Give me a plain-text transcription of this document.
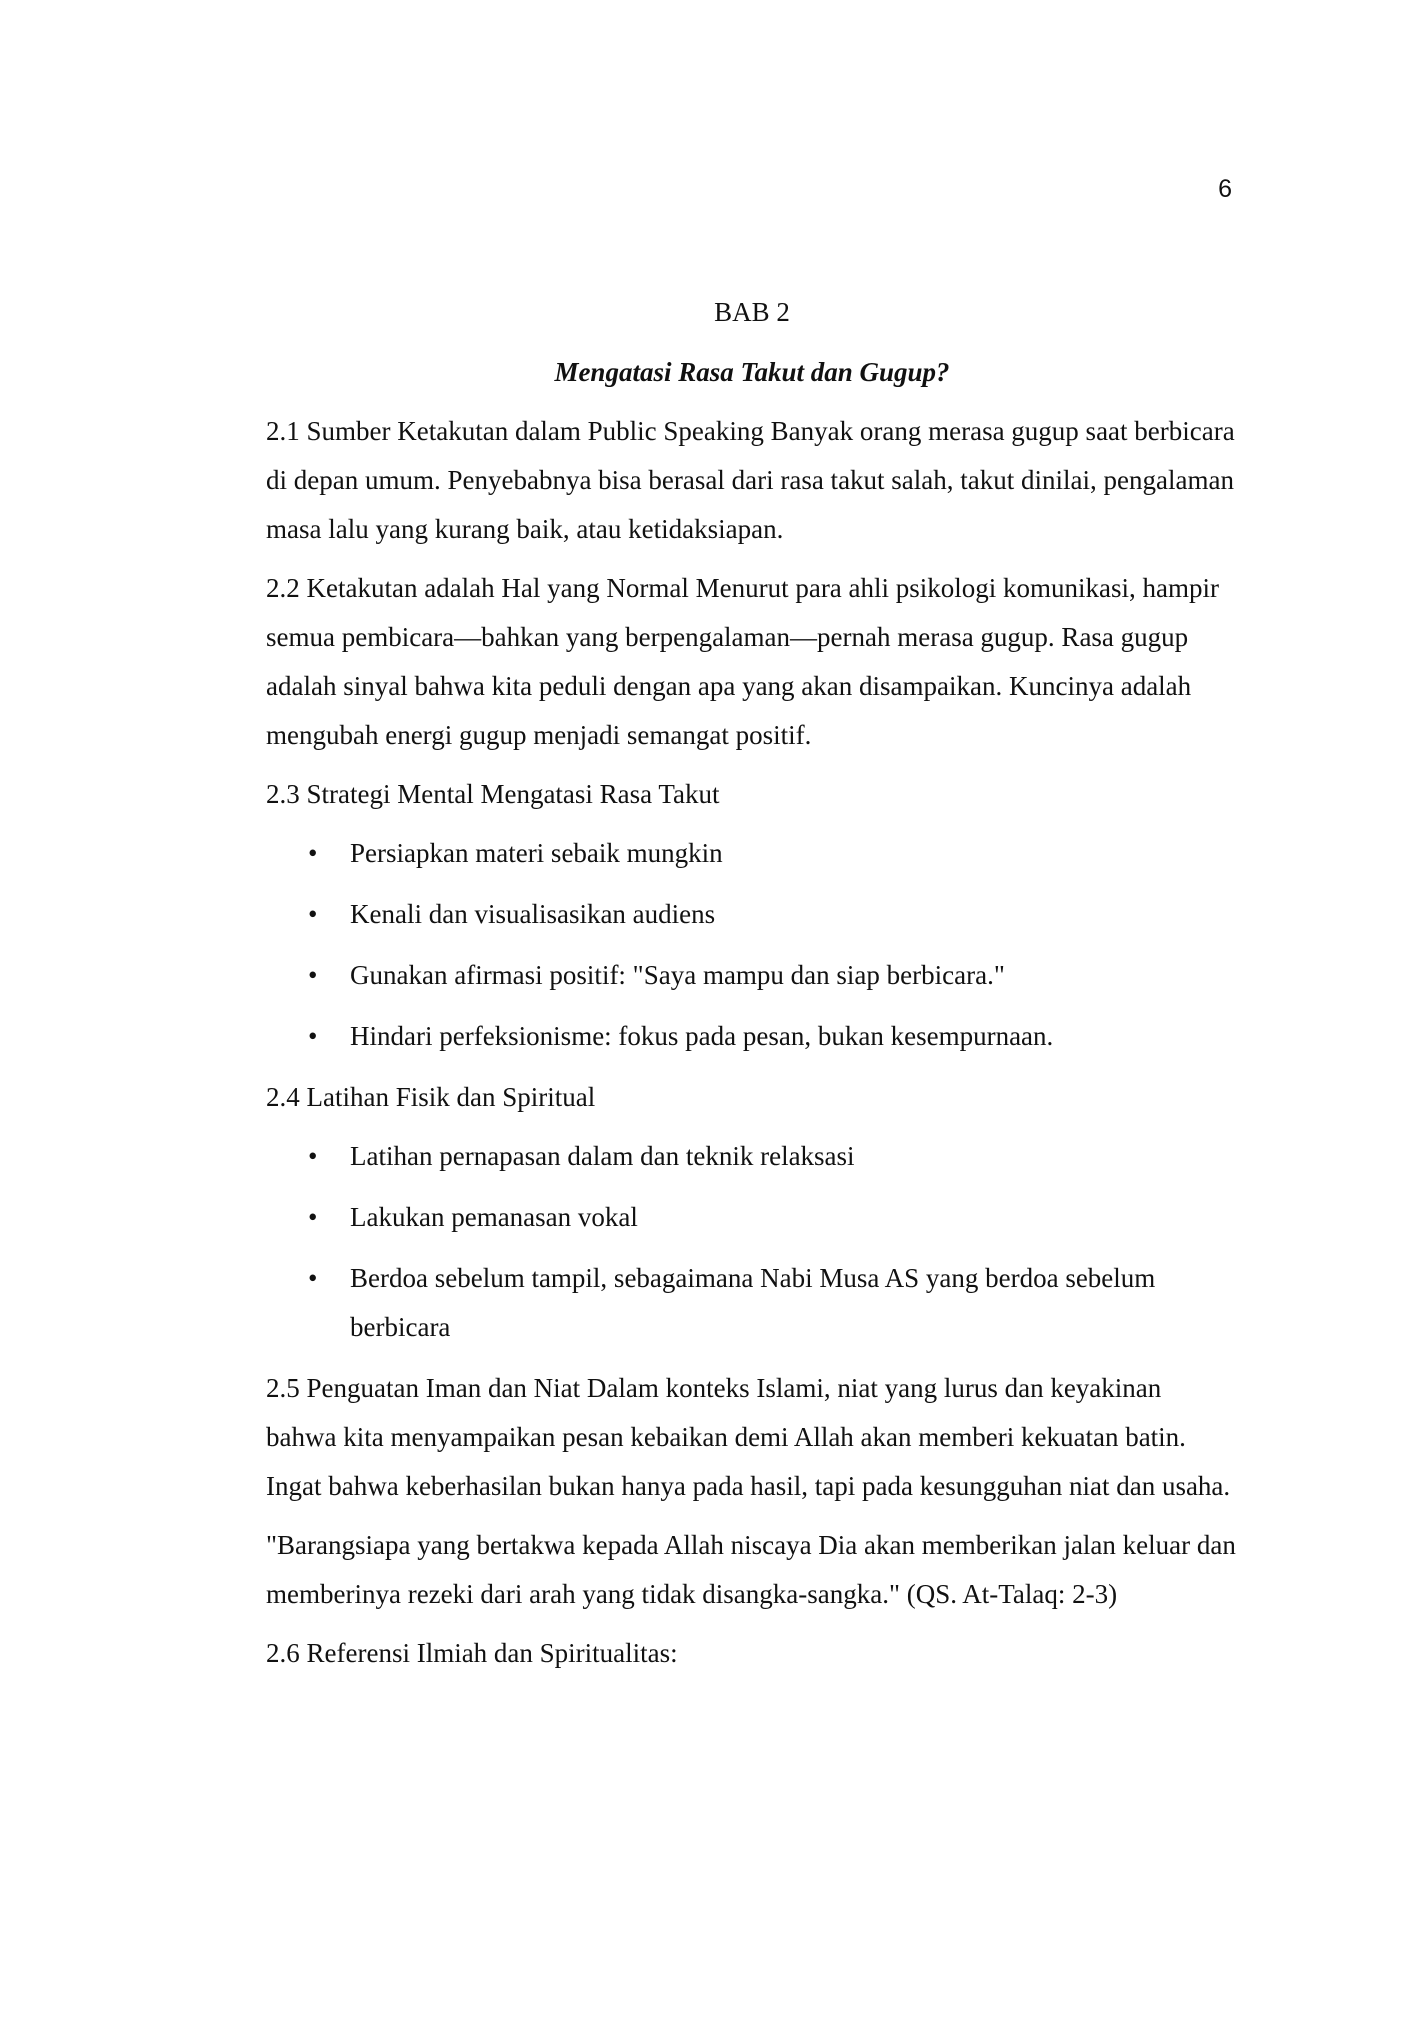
6
BAB 2
Mengatasi Rasa Takut dan Gugup?
2.1 Sumber Ketakutan dalam Public Speaking Banyak orang merasa gugup saat berbicara di depan umum. Penyebabnya bisa berasal dari rasa takut salah, takut dinilai, pengalaman masa lalu yang kurang baik, atau ketidaksiapan.
2.2 Ketakutan adalah Hal yang Normal Menurut para ahli psikologi komunikasi, hampir semua pembicara—bahkan yang berpengalaman—pernah merasa gugup. Rasa gugup adalah sinyal bahwa kita peduli dengan apa yang akan disampaikan. Kuncinya adalah mengubah energi gugup menjadi semangat positif.
2.3 Strategi Mental Mengatasi Rasa Takut
• Persiapkan materi sebaik mungkin
• Kenali dan visualisasikan audiens
• Gunakan afirmasi positif: "Saya mampu dan siap berbicara."
• Hindari perfeksionisme: fokus pada pesan, bukan kesempurnaan.
2.4 Latihan Fisik dan Spiritual
• Latihan pernapasan dalam dan teknik relaksasi
• Lakukan pemanasan vokal
• Berdoa sebelum tampil, sebagaimana Nabi Musa AS yang berdoa sebelum berbicara
2.5 Penguatan Iman dan Niat Dalam konteks Islami, niat yang lurus dan keyakinan bahwa kita menyampaikan pesan kebaikan demi Allah akan memberi kekuatan batin. Ingat bahwa keberhasilan bukan hanya pada hasil, tapi pada kesungguhan niat dan usaha.
"Barangsiapa yang bertakwa kepada Allah niscaya Dia akan memberikan jalan keluar dan memberinya rezeki dari arah yang tidak disangka-sangka." (QS. At-Talaq: 2-3)
2.6 Referensi Ilmiah dan Spiritualitas:
